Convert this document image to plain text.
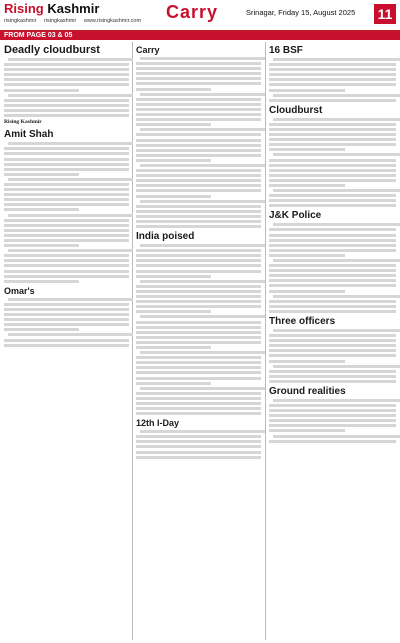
Rising Kashmir
risingkashmir risingkashmir www.risingkashmir.com	Carry	Srinagar, Friday 15, August 2025 11
FROM PAGE 03 & 05
Deadly cloudburst
Rising Kashmir
Amit Shah
Omar's
Carry
India poised
12th I-Day
16 BSF
Cloudburst
J&K Police
Three officers
Ground realities
